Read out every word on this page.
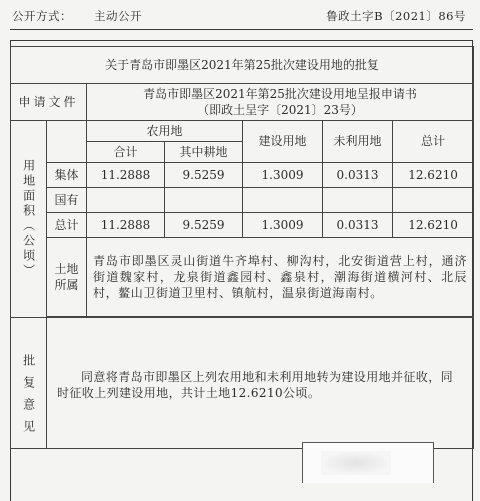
公开方式： 主动公开	鲁政土字B〔2021〕86号
关于青岛市即墨区2021年第25批次建设用地的批复						
申请文件		青岛市即墨区2021年第25批次建设用地呈报申请书
（即政土呈字〔2021〕23号）				

用地面积（公顷）		农用地		建设用地	未利用地	总计
		合计	其中耕地			
	集体	11.2888	9.5259	1.3009	0.0313	12.6210
	国有					
	总计	11.2888	9.5259	1.3009	0.0313	12.6210

	土地
所属	青岛市即墨区灵山街道牛齐埠村、柳沟村，北安街道营上村，通济街道魏家村，龙泉街道鑫园村、鑫泉村，潮海街道横河村、北辰村，鳌山卫街道卫里村、镇航村，温泉街道海南村。				

批复意见	同意将青岛市即墨区上列农用地和未利用地转为建设用地并征收，同时征收上列建设用地，共计土地12.6210公顷。					
